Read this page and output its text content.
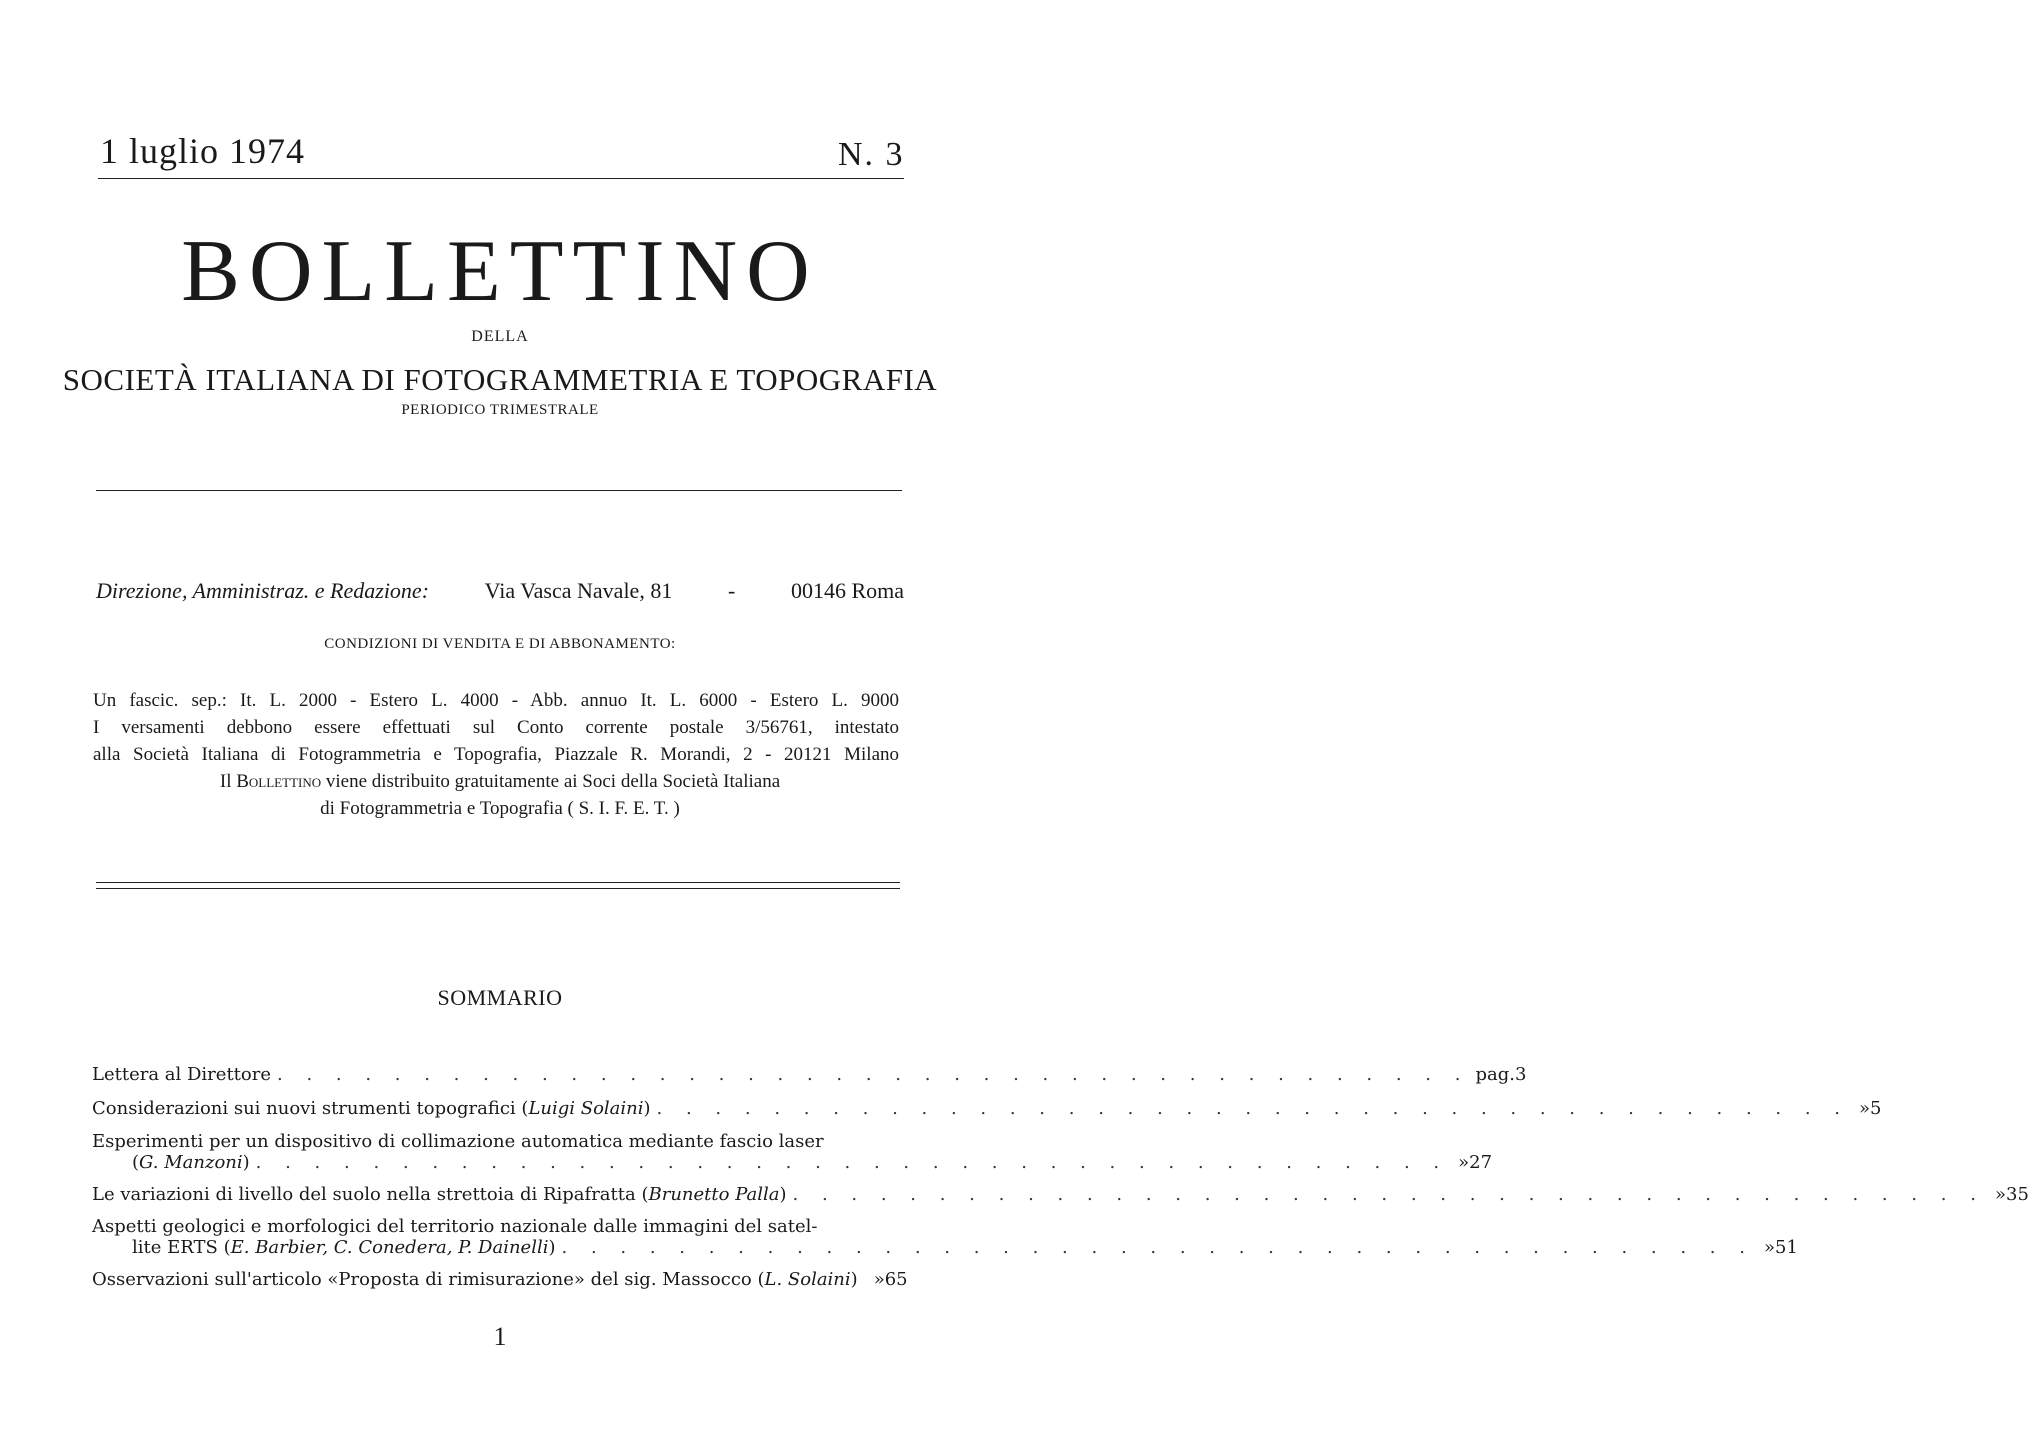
1 luglio 1974	N. 3
BOLLETTINO
DELLA
SOCIETÀ ITALIANA DI FOTOGRAMMETRIA E TOPOGRAFIA
PERIODICO TRIMESTRALE
Direzione, Amministraz. e Redazione:	Via Vasca Navale, 81	-	00146 Roma
CONDIZIONI DI VENDITA E DI ABBONAMENTO:
Un fascic. sep.: It. L. 2000 - Estero L. 4000 - Abb. annuo It. L. 6000 - Estero L. 9000
I versamenti debbono essere effettuati sul Conto corrente postale 3/56761, intestato
alla Società Italiana di Fotogrammetria e Topografia, Piazzale R. Morandi, 2 - 20121 Milano
Il Bollettino viene distribuito gratuitamente ai Soci della Società Italiana
di Fotogrammetria e Topografia ( S. I. F. E. T. )
SOMMARIO
Lettera al Direttore . . . . . . . . . . . . . . . . . . . . . . . . . . . . . . . . . . . . . . . . . pag. 3
Considerazioni sui nuovi strumenti topografici (Luigi Solaini) . . . . . . . . . . . . . . . . . . . . . . . . . . . . . . . . . . . . . . . . . » 5
Esperimenti per un dispositivo di collimazione automatica mediante fascio laser
(G. Manzoni) . . . . . . . . . . . . . . . . . . . . . . . . . . . . . . . . . . . . . . . . . » 27
Le variazioni di livello del suolo nella strettoia di Ripafratta (Brunetto Palla) . . . . . . . . . . . . . . . . . . . . . . . . . . . . . . . . . . . . . . . . . » 35
Aspetti geologici e morfologici del territorio nazionale dalle immagini del satel-
lite ERTS (E. Barbier, C. Conedera, P. Dainelli) . . . . . . . . . . . . . . . . . . . . . . . . . . . . . . . . . . . . . . . . . » 51
Osservazioni sull'articolo «Proposta di rimisurazione» del sig. Massocco (L. Solaini) » 65
1
